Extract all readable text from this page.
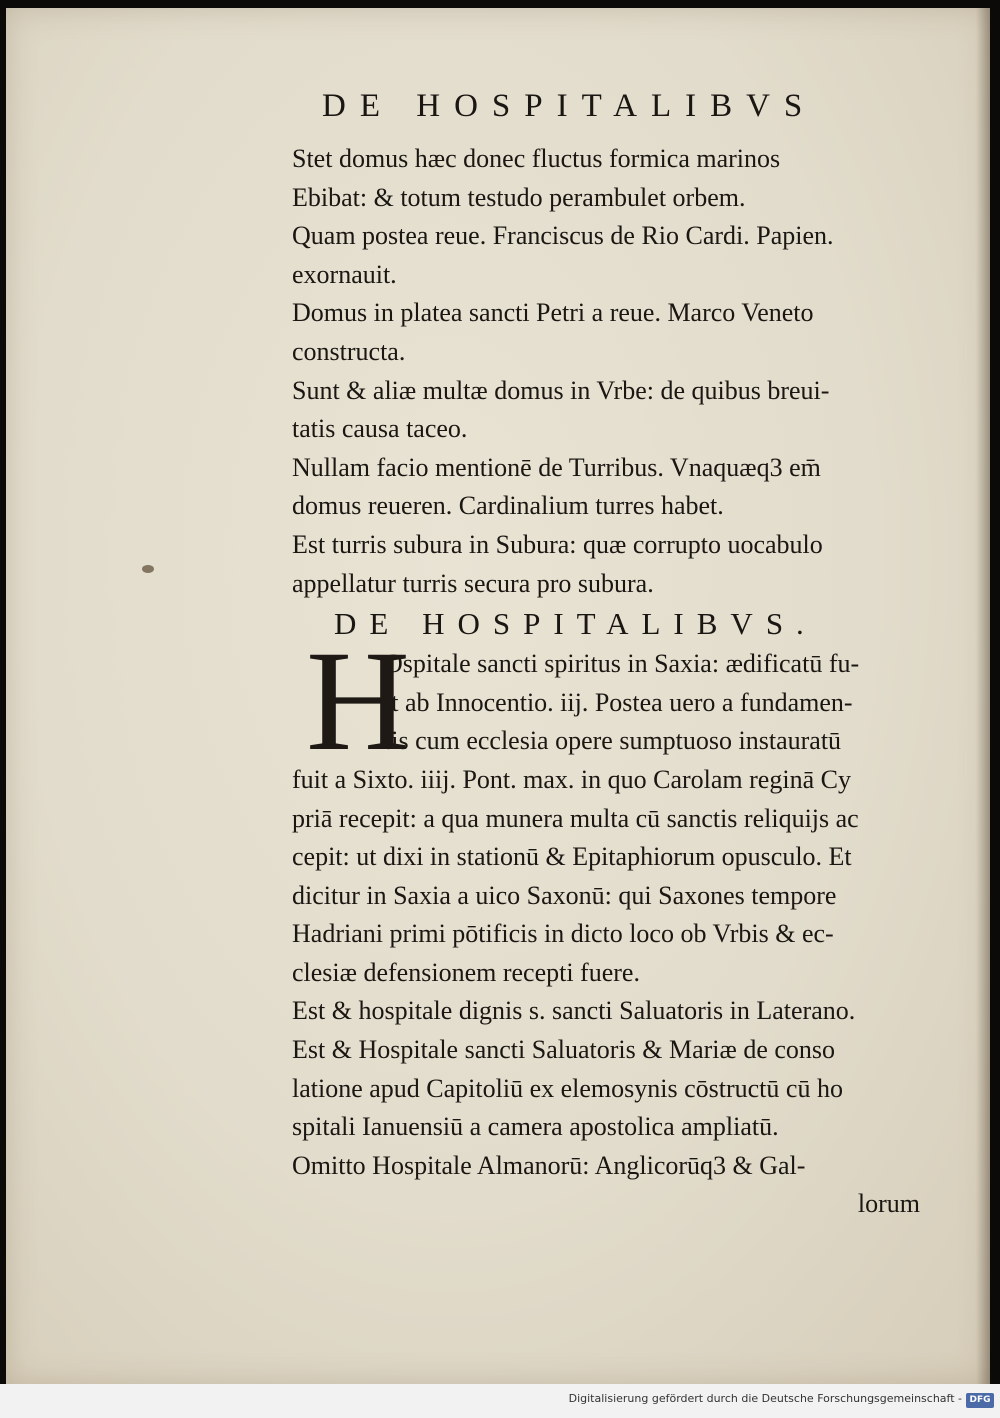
DE HOSPITALIBVS
Stet domus hæc donec fluctus formica marinos
Ebibat: & totum testudo perambulet orbem.
Quam postea reue. Franciscus de Rio Cardi. Papien.
exornauit.
Domus in platea sancti Petri a reue. Marco Veneto
constructa.
Sunt & aliæ multæ domus in Vrbe: de quibus breui-
tatis causa taceo.
Nullam facio mentionē de Turribus. Vnaquæq3 em̄
domus reueren. Cardinalium turres habet.
Est turris subura in Subura: quæ corrupto uocabulo
appellatur turris secura pro subura.
DE HOSPITALIBVS.
H
Ospitale sancti spiritus in Saxia: ædificatū fu-
it ab Innocentio. iij. Postea uero a fundamen-
tis cum ecclesia opere sumptuoso instauratū
fuit a Sixto. iiij. Pont. max. in quo Carolam reginā Cy
priā recepit: a qua munera multa cū sanctis reliquijs ac
cepit: ut dixi in stationū & Epitaphiorum opusculo. Et
dicitur in Saxia a uico Saxonū: qui Saxones tempore
Hadriani primi pōtificis in dicto loco ob Vrbis & ec-
clesiæ defensionem recepti fuere.
Est & hospitale dignis s. sancti Saluatoris in Laterano.
Est & Hospitale sancti Saluatoris & Mariæ de conso
latione apud Capitoliū ex elemosynis cōstructū cū ho
spitali Ianuensiū a camera apostolica ampliatū.
Omitto Hospitale Almanorū: Anglicorūq3 & Gal-
lorum
Digitalisierung gefördert durch die Deutsche Forschungsgemeinschaft - DFG
